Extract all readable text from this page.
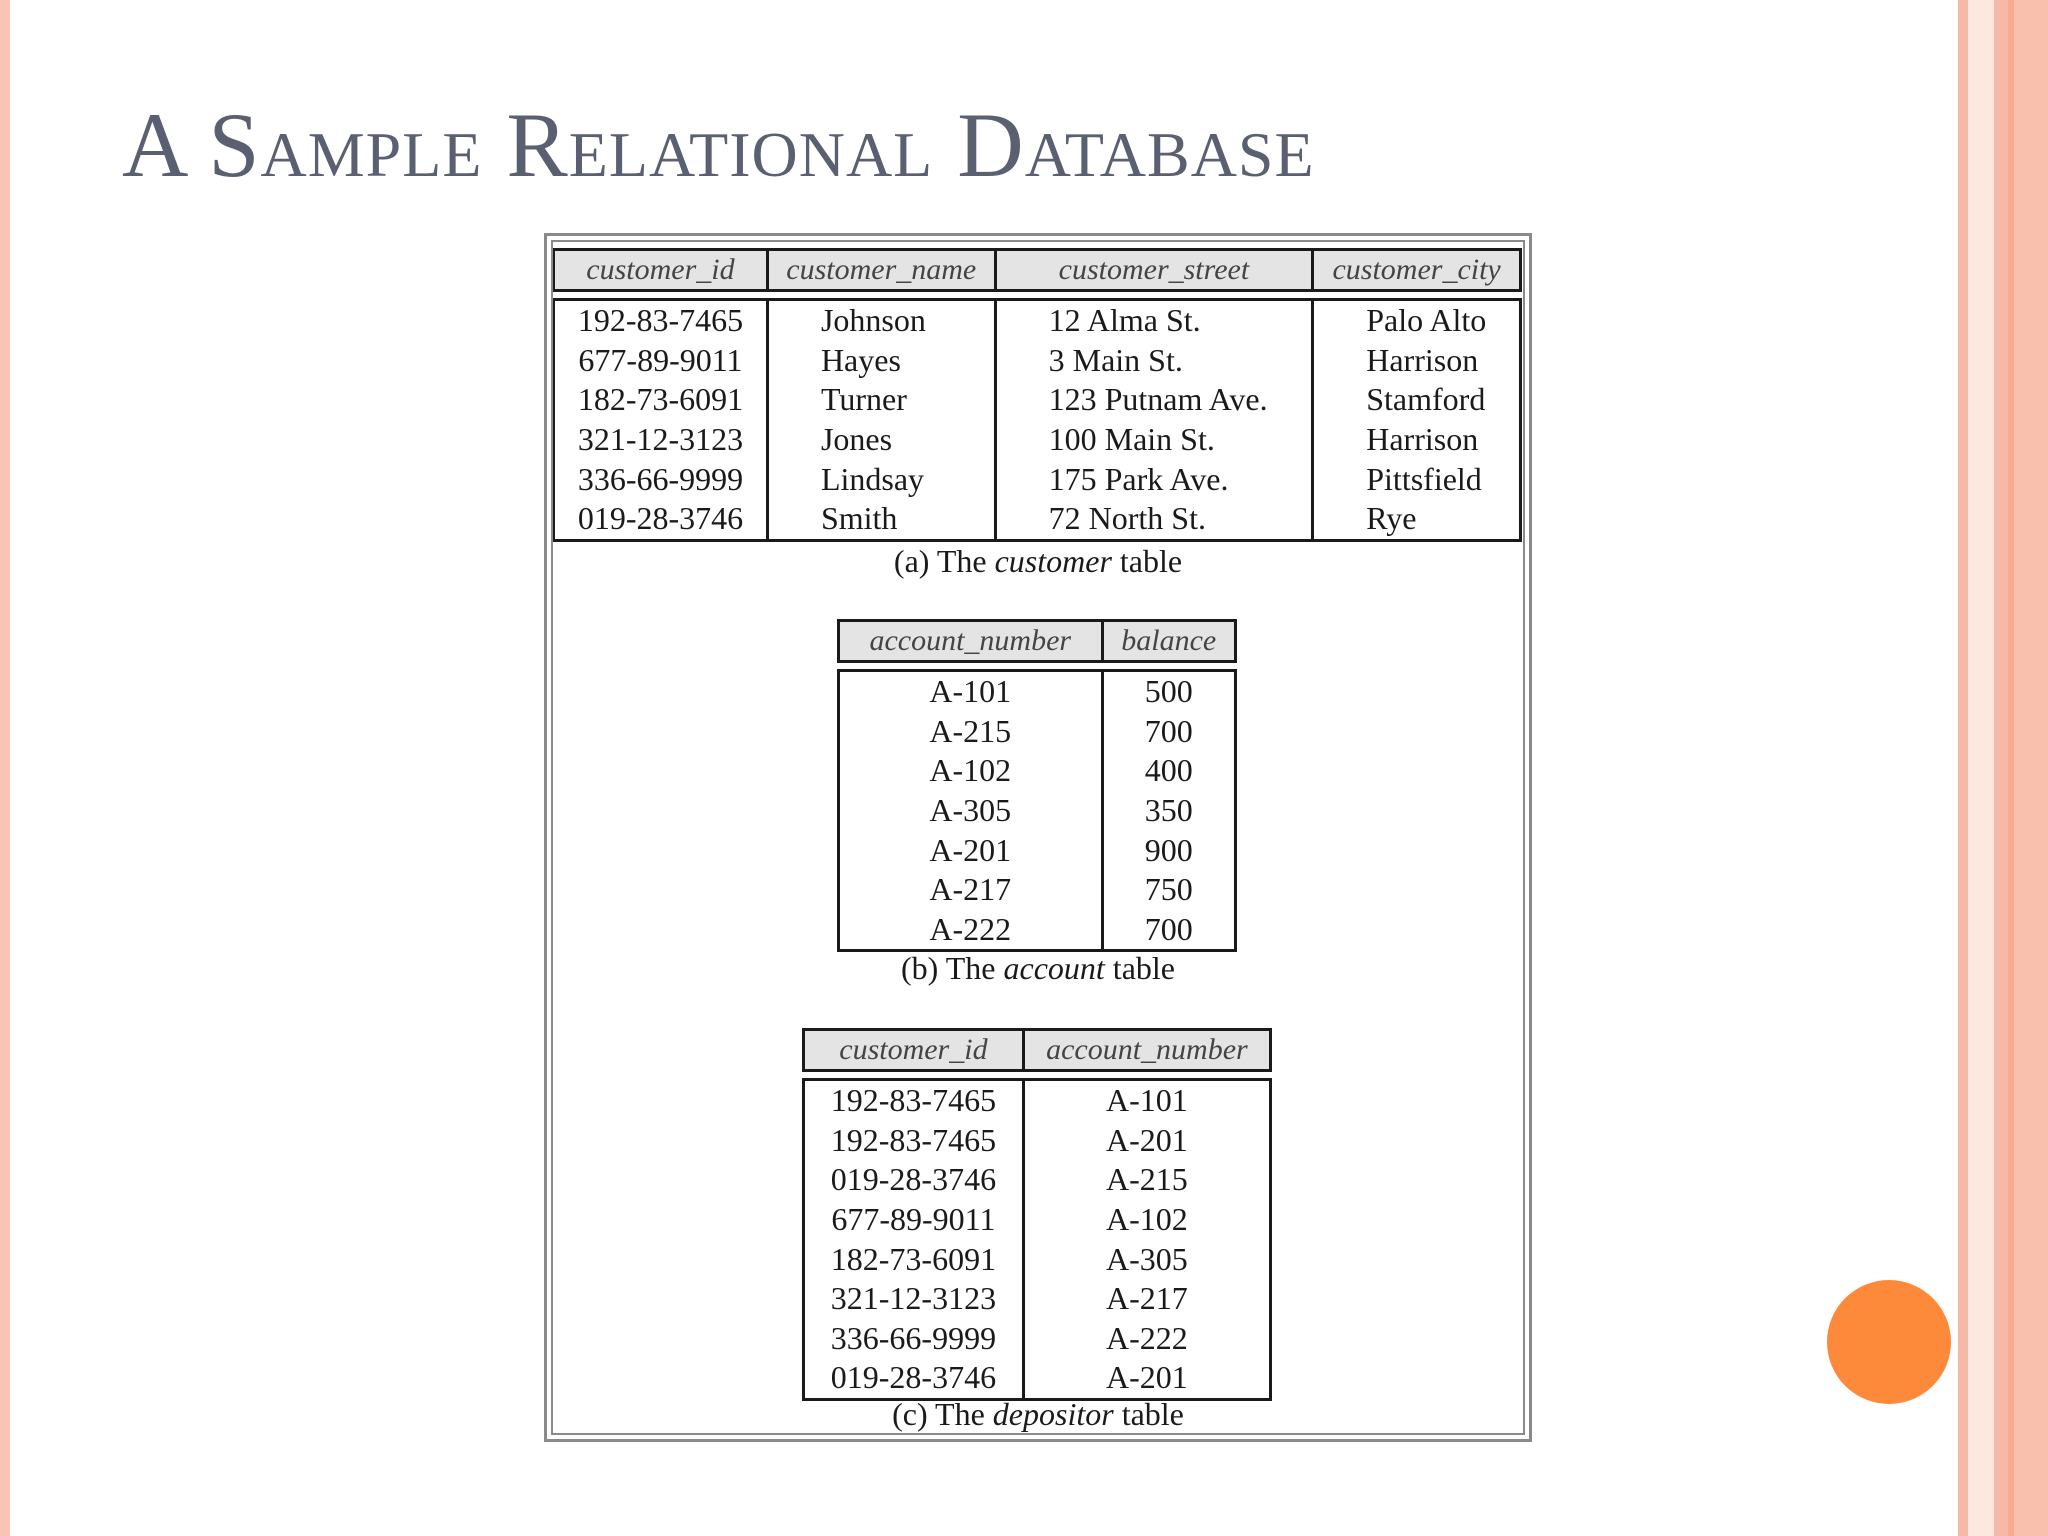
A Sample Relational Database
customer_id	customer_name	customer_street	customer_city

192-83-7465	Johnson	12 Alma St.	Palo Alto
677-89-9011	Hayes	3 Main St.	Harrison
182-73-6091	Turner	123 Putnam Ave.	Stamford
321-12-3123	Jones	100 Main St.	Harrison
336-66-9999	Lindsay	175 Park Ave.	Pittsfield
019-28-3746	Smith	72 North St.	Rye
(a) The customer table
account_number	balance

A-101	500
A-215	700
A-102	400
A-305	350
A-201	900
A-217	750
A-222	700
(b) The account table
customer_id	account_number

192-83-7465	A-101
192-83-7465	A-201
019-28-3746	A-215
677-89-9011	A-102
182-73-6091	A-305
321-12-3123	A-217
336-66-9999	A-222
019-28-3746	A-201
(c) The depositor table
